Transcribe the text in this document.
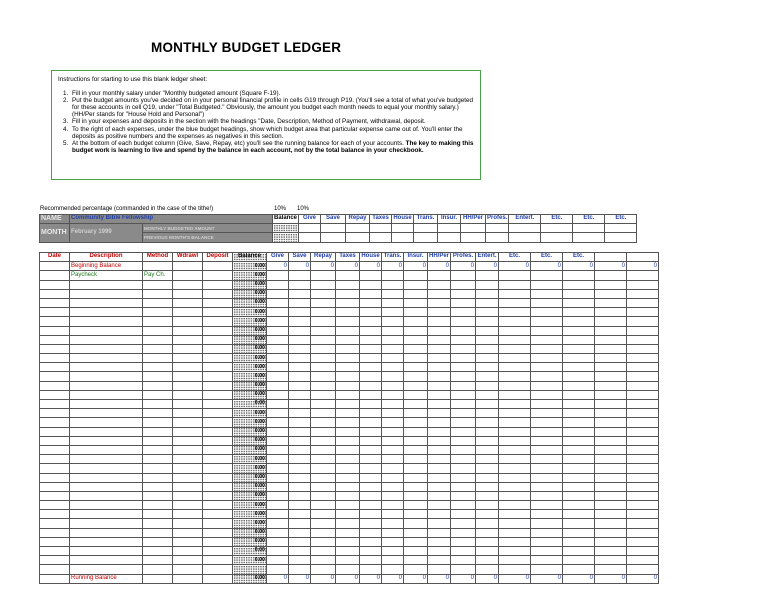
MONTHLY BUDGET LEDGER
Instructions for starting to use this blank ledger sheet:
1. Fill in your monthly salary under "Monthly budgeted amount (Square F-19).
2. Put the budget amounts you've decided on in your personal financial profile in cells G19 through P19. (You'll see a total of what you've budgeted for these accounts in cell Q19, under "Total Budgeted." Obviously, the amount you budget each month needs to equal your monthly salary.) (HH/Per stands for "House Hold and Personal")
3. Fill in your expenses and deposits in the section with the headings "Date, Description, Method of Payment, withdrawal, deposit.
4. To the right of each expenses, under the blue budget headings, show which budget area that particular expense came out of. You'll enter the deposits as positive numbers and the expenses as negatives in this section.
5. At the bottom of each budget column (Give, Save, Repay, etc) you'll see the running balance for each of your accounts. The key to making this budget work is learning to live and spend by the balance in each account, not by the total balance in your checkbook.
Recommended percentage (commanded in the case of the tithe!)	10% 10%
NAME	Community Bible Fellowship		Balance	Give	Save	Repay	Taxes	House	Trans.	Insur.	HH/Per	Profes.	Entert.	Etc.	Etc.	Etc.
MONTH	February 1999	MONTHLY BUDGETED AMOUNT														
		PREVIOUS MONTH'S BALANCE														
Date	Description	Method	Wdrawl	Deposit	Balance	Give	Save	Repay	Taxes	House	Trans.	Insur.	HH/Per	Profes.	Entert.	Etc.	Etc.	Etc.		
	Beginning Balance				0.00	0	0	0	0	0	0	0	0	0	0	0	0	0	0	0
	Paycheck	Pay Ch.			0.00															
					0.00															
					0.00															
					0.00															
					0.00															
					0.00															
					0.00															
					0.00															
					0.00															
					0.00															
					0.00															
					0.00															
					0.00															
					0.00															
					0.00															
					0.00															
					0.00															
					0.00															
					0.00															
					0.00															
					0.00															
					0.00															
					0.00															
					0.00															
					0.00															
					0.00															
					0.00															
					0.00															
					0.00															
					0.00															
					0.00															
					0.00															

	Running Balance				0.00	0	0	0	0	0	0	0	0	0	0	0	0	0	0	0
